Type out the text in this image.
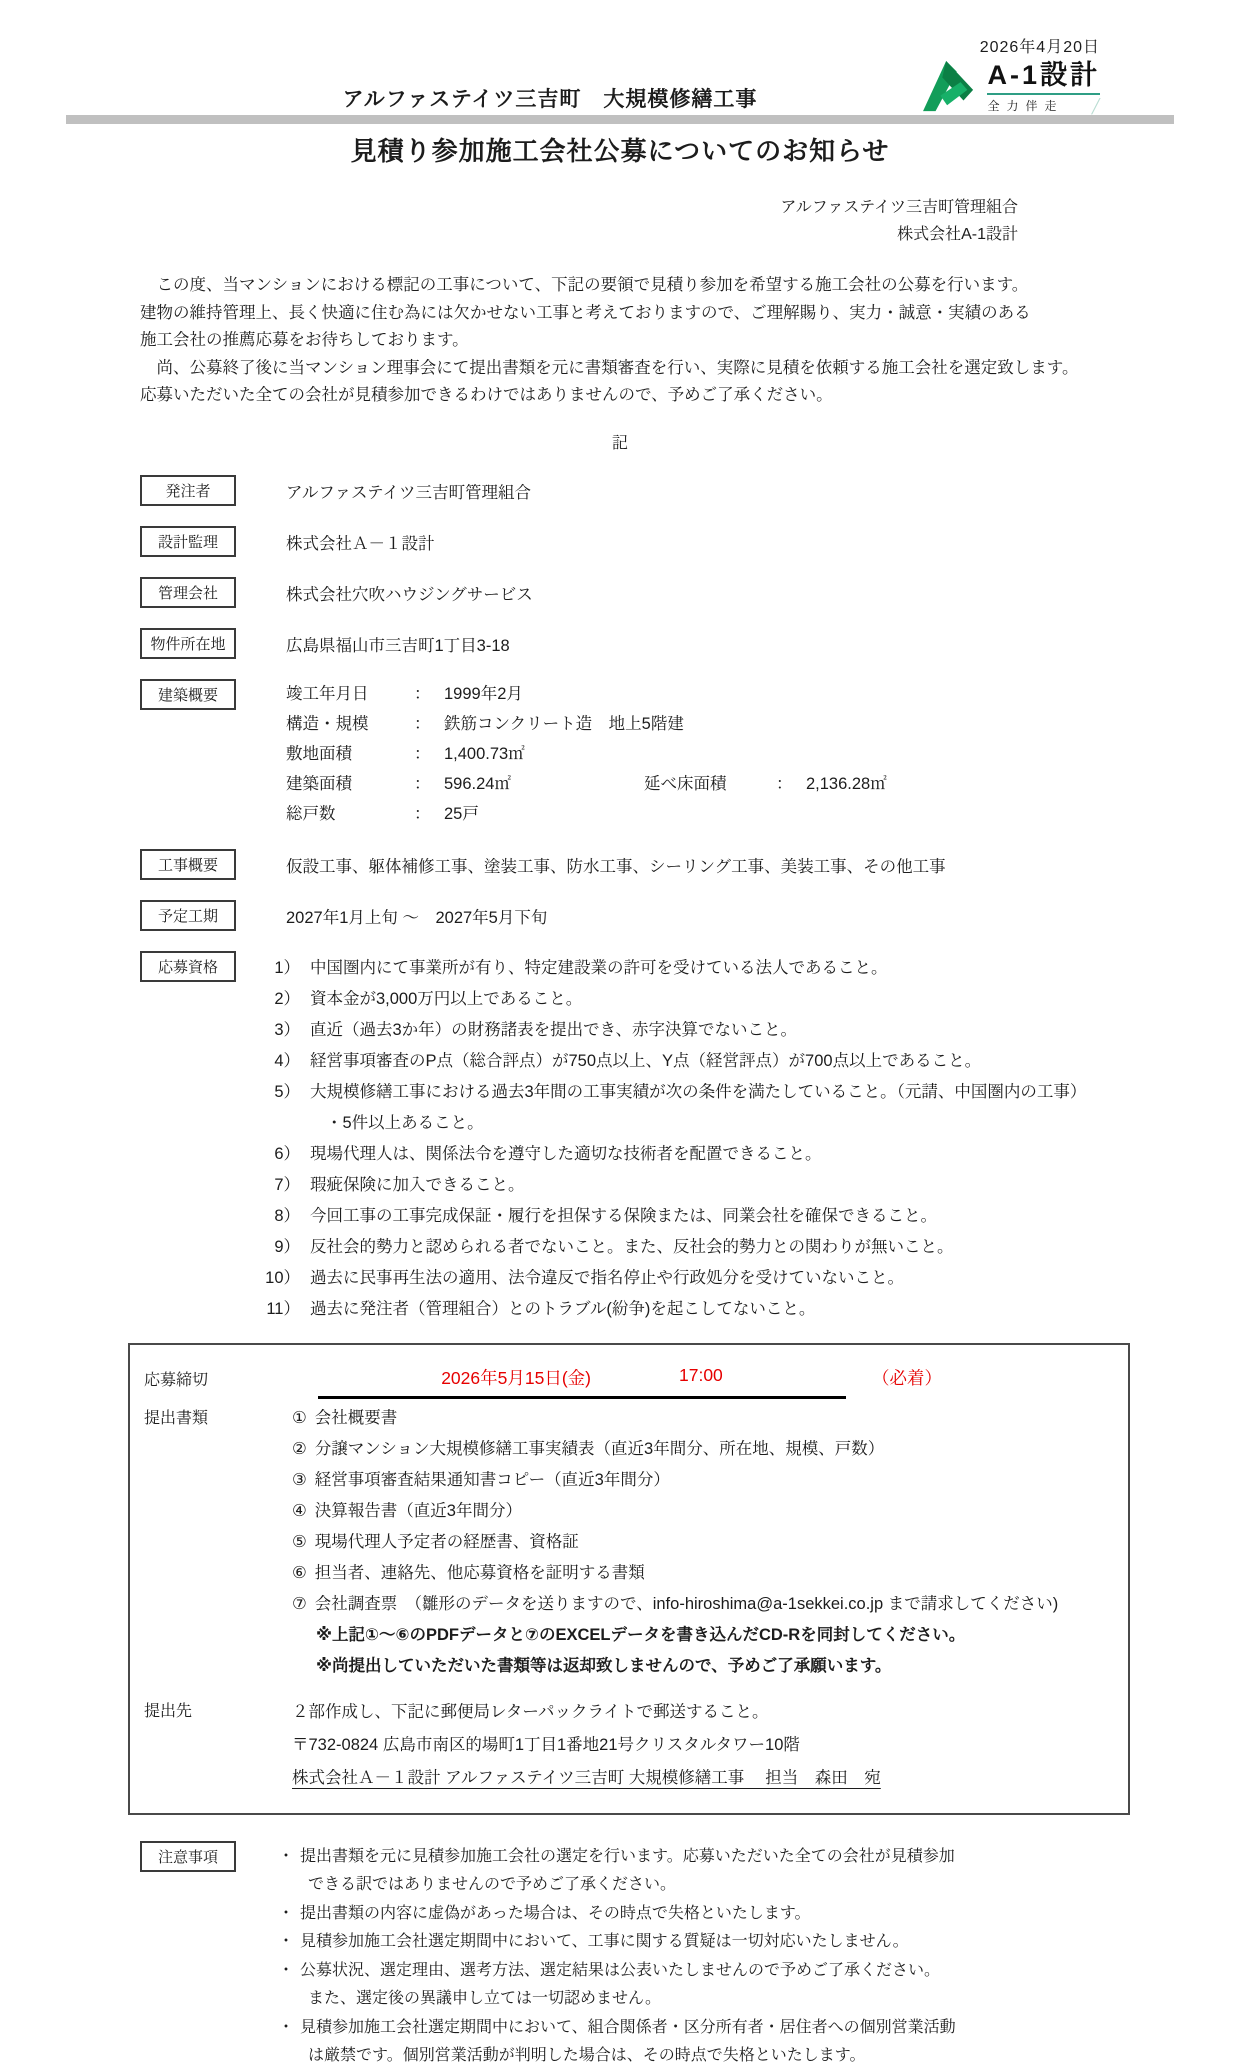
2026年4月20日
A-1設計
全力伴走 ╱
アルファステイツ三吉町　大規模修繕工事
見積り参加施工会社公募についてのお知らせ
アルファステイツ三吉町管理組合
株式会社A-1設計
　この度、当マンションにおける標記の工事について、下記の要領で見積り参加を希望する施工会社の公募を行います。
建物の維持管理上、長く快適に住む為には欠かせない工事と考えておりますので、ご理解賜り、実力・誠意・実績のある
施工会社の推薦応募をお待ちしております。
　尚、公募終了後に当マンション理事会にて提出書類を元に書類審査を行い、実際に見積を依頼する施工会社を選定致します。
応募いただいた全ての会社が見積参加できるわけではありませんので、予めご了承ください。
記
発注者	アルファステイツ三吉町管理組合
設計監理	株式会社Ａ－１設計
管理会社	株式会社穴吹ハウジングサービス
物件所在地	広島県福山市三吉町1丁目3-18
建築概要	竣工年月日	： 1999年2月
構造・規模	： 鉄筋コンクリート造　地上5階建
敷地面積	： 1,400.73㎡
建築面積	： 596.24㎡	延べ床面積	： 2,136.28㎡
総戸数	： 25戸
工事概要	仮設工事、躯体補修工事、塗装工事、防水工事、シーリング工事、美装工事、その他工事
予定工期	2027年1月上旬 ～　2027年5月下旬
応募資格	1） 中国圏内にて事業所が有り、特定建設業の許可を受けている法人であること。
2） 資本金が3,000万円以上であること。
3） 直近（過去3か年）の財務諸表を提出でき、赤字決算でないこと。
4） 経営事項審査のP点（総合評点）が750点以上、Y点（経営評点）が700点以上であること。
5） 大規模修繕工事における過去3年間の工事実績が次の条件を満たしていること。（元請、中国圏内の工事）
・5件以上あること。
6） 現場代理人は、関係法令を遵守した適切な技術者を配置できること。
7） 瑕疵保険に加入できること。
8） 今回工事の工事完成保証・履行を担保する保険または、同業会社を確保できること。
9） 反社会的勢力と認められる者でないこと。また、反社会的勢力との関わりが無いこと。
10） 過去に民事再生法の適用、法令違反で指名停止や行政処分を受けていないこと。
11） 過去に発注者（管理組合）とのトラブル(紛争)を起こしてないこと。
応募締切	2026年5月15日(金)	17:00	（必着）
提出書類	① 会社概要書
② 分譲マンション大規模修繕工事実績表（直近3年間分、所在地、規模、戸数）
③ 経営事項審査結果通知書コピー（直近3年間分）
④ 決算報告書（直近3年間分）
⑤ 現場代理人予定者の経歴書、資格証
⑥ 担当者、連絡先、他応募資格を証明する書類
⑦ 会社調査票　（雛形のデータを送りますので、info-hiroshima@a-1sekkei.co.jp まで請求してください)
※上記①～⑥のPDFデータと⑦のEXCELデータを書き込んだCD-Rを同封してください。
※尚提出していただいた書類等は返却致しませんので、予めご了承願います。
提出先	２部作成し、下記に郵便局レターパックライトで郵送すること。
〒732-0824 広島市南区的場町1丁目1番地21号クリスタルタワー10階
株式会社Ａ－１設計 アルファステイツ三吉町 大規模修繕工事　 担当　森田　宛
注意事項	・ 提出書類を元に見積参加施工会社の選定を行います。応募いただいた全ての会社が見積参加
できる訳ではありませんので予めご了承ください。
・ 提出書類の内容に虚偽があった場合は、その時点で失格といたします。
・ 見積参加施工会社選定期間中において、工事に関する質疑は一切対応いたしません。
・ 公募状況、選定理由、選考方法、選定結果は公表いたしませんので予めご了承ください。
また、選定後の異議申し立ては一切認めません。
・ 見積参加施工会社選定期間中において、組合関係者・区分所有者・居住者への個別営業活動
は厳禁です。個別営業活動が判明した場合は、その時点で失格といたします。
